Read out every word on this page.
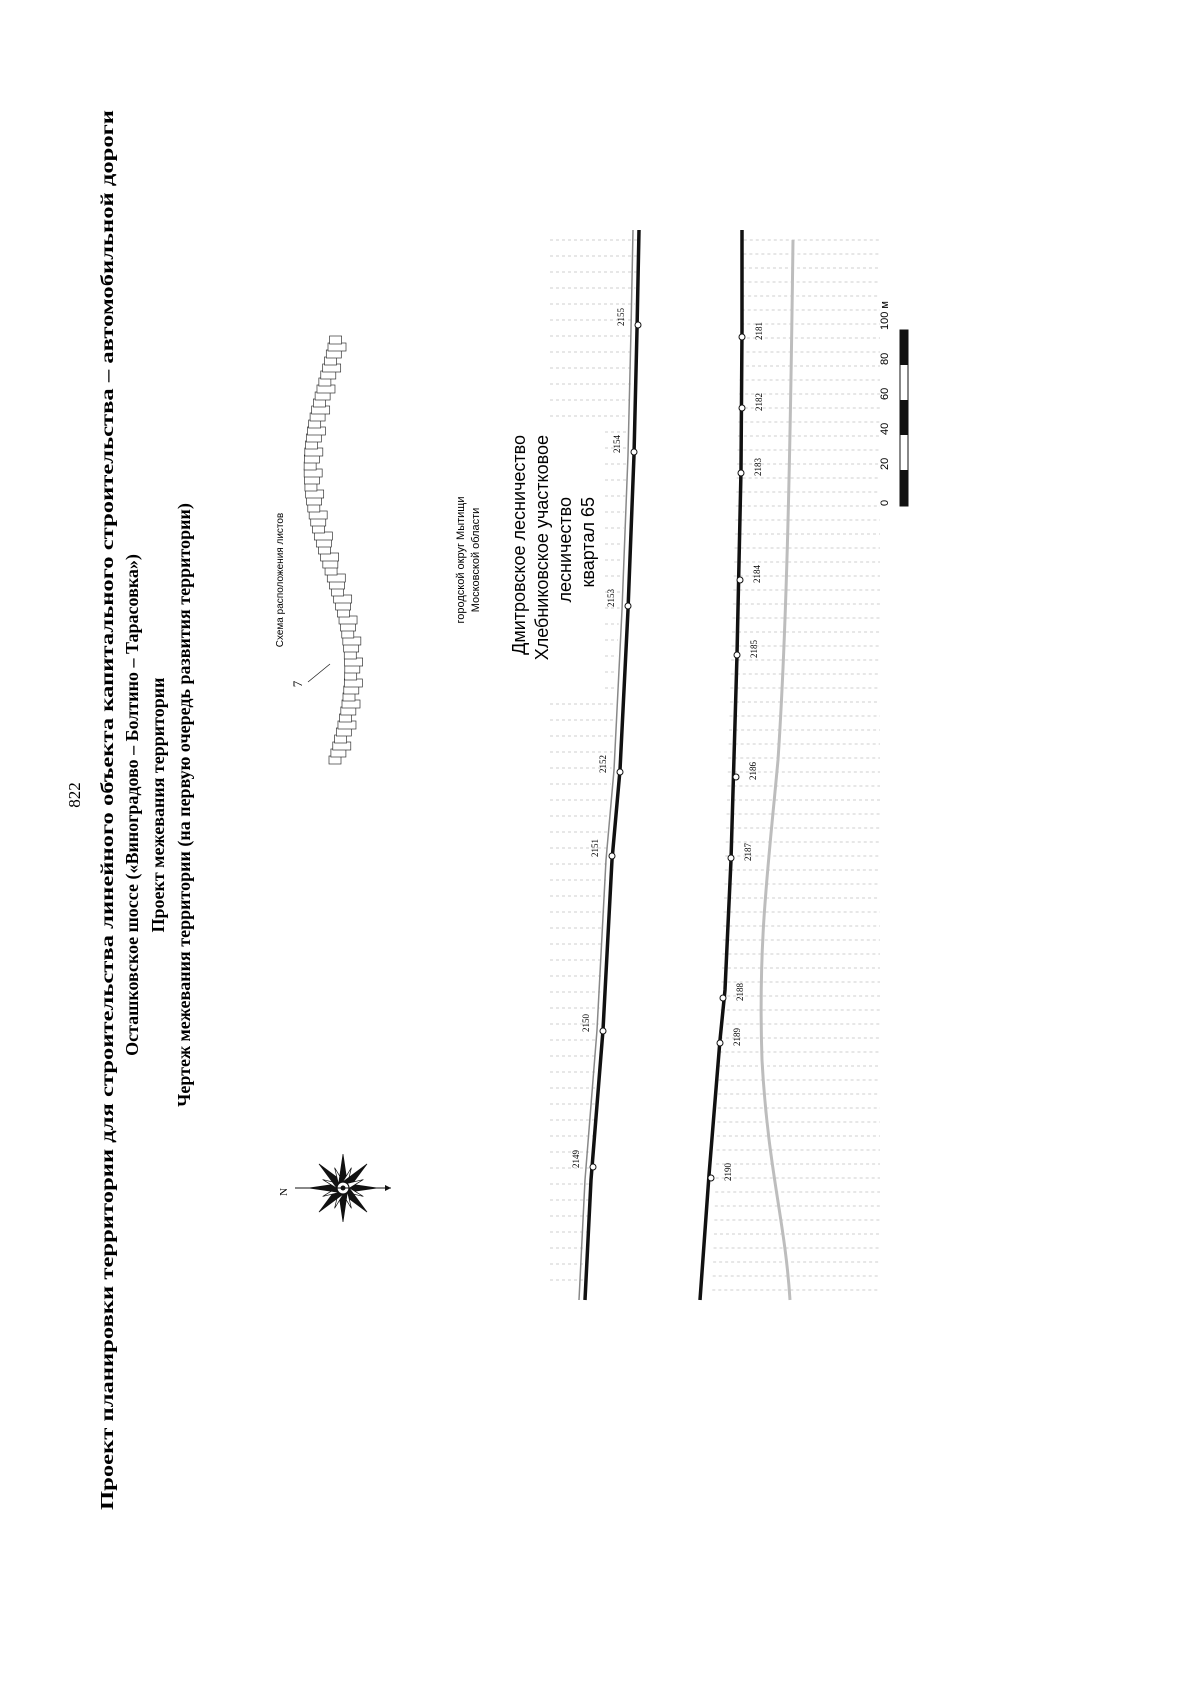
822 Проект планировки территории для строительства линейного объекта капитального строительства – автомобильной дороги Осташковское шоссе («Виноградово – Болтино – Тарасовка») Проект межевания территории Чертеж межевания территории (на первую очередь развития территории)	Схема расположения листов
7
N
городской округ Мытищи Московской области
2149
2150
2151
2152
2153
2154
2155
2190
2189
2188
2187
2186
2185
2184
2183
2182
2181
Дмитровское лесничество Хлебниковское участковое лесничество квартал 65	0
20
40
60
80
100 м
